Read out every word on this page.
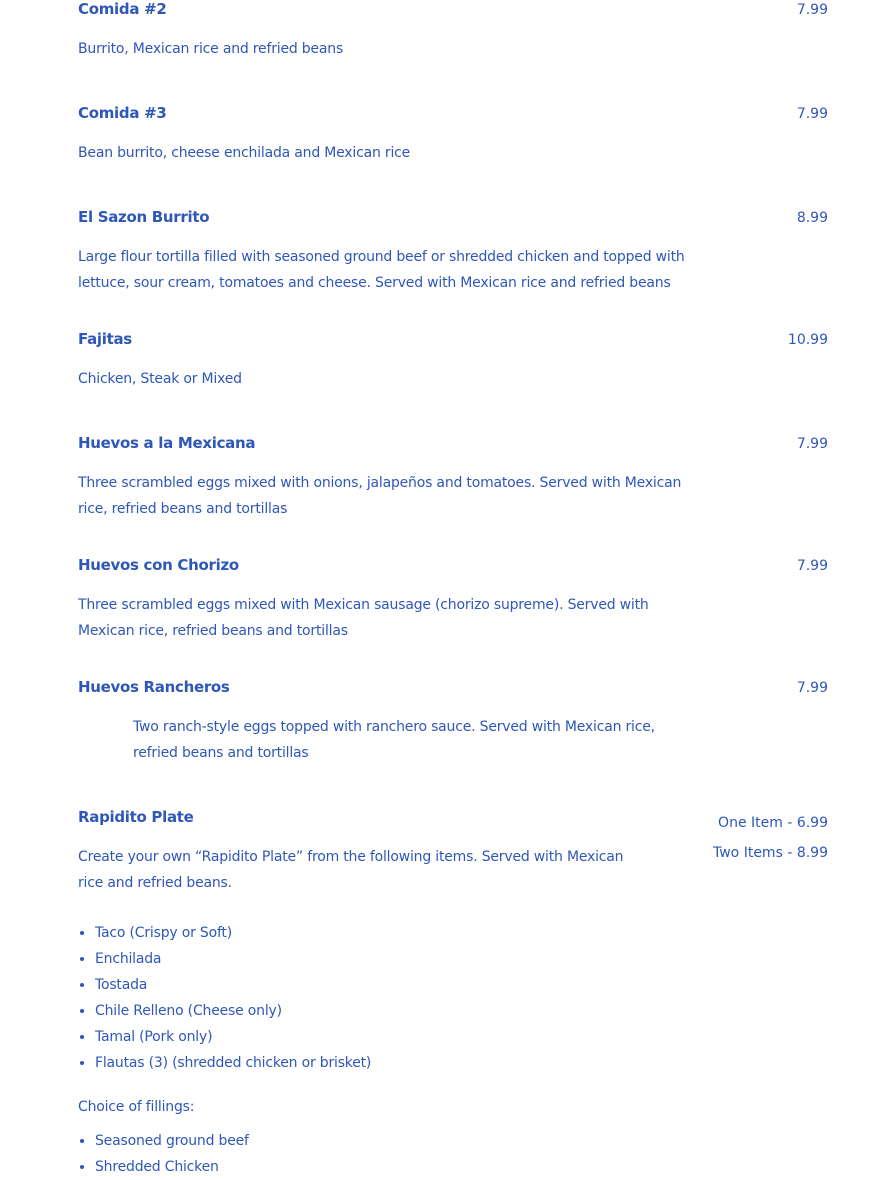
Comida #2	7.99
Burrito, Mexican rice and refried beans
Comida #3	7.99
Bean burrito, cheese enchilada and Mexican rice
El Sazon Burrito	8.99
Large flour tortilla filled with seasoned ground beef or shredded chicken and topped with lettuce, sour cream, tomatoes and cheese. Served with Mexican rice and refried beans
Fajitas	10.99
Chicken, Steak or Mixed
Huevos a la Mexicana	7.99
Three scrambled eggs mixed with onions, jalapeños and tomatoes. Served with Mexican rice, refried beans and tortillas
Huevos con Chorizo	7.99
Three scrambled eggs mixed with Mexican sausage (chorizo supreme). Served with Mexican rice, refried beans and tortillas
Huevos Rancheros	7.99
Two ranch-style eggs topped with ranchero sauce. Served with Mexican rice, refried beans and tortillas
Rapidito Plate	One Item - 6.99
Two Items - 8.99
Create your own “Rapidito Plate” from the following items. Served with Mexican rice and refried beans.
• Taco (Crispy or Soft)
• Enchilada
• Tostada
• Chile Relleno (Cheese only)
• Tamal (Pork only)
• Flautas (3) (shredded chicken or brisket)
Choice of fillings:
• Seasoned ground beef
• Shredded Chicken
